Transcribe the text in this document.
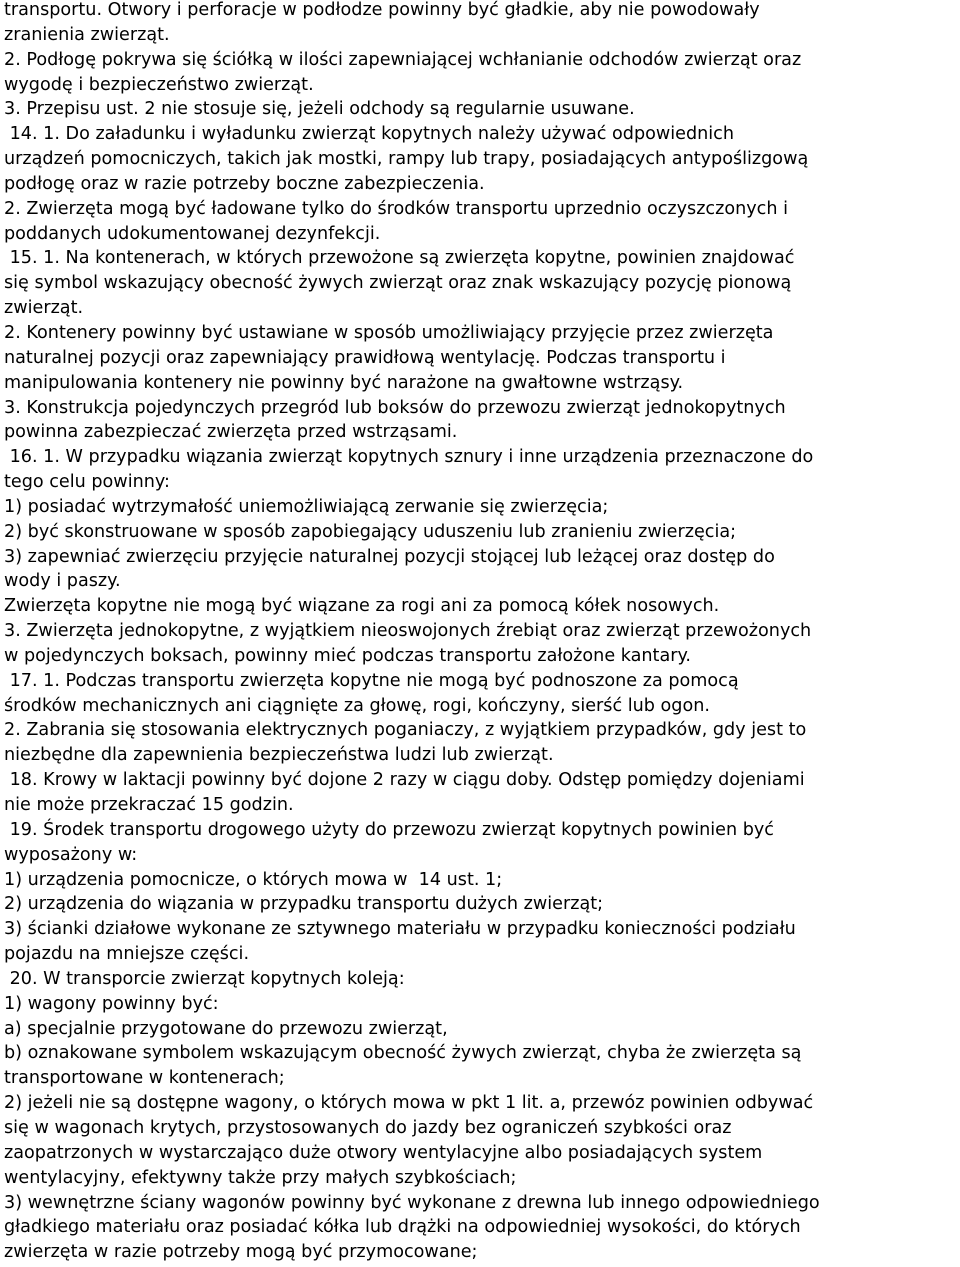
transportu. Otwory i perforacje w podłodze powinny być gładkie, aby nie powodowały
zranienia zwierząt.
2. Podłogę pokrywa się ściółką w ilości zapewniającej wchłanianie odchodów zwierząt oraz
wygodę i bezpieczeństwo zwierząt.
3. Przepisu ust. 2 nie stosuje się, jeżeli odchody są regularnie usuwane.
14. 1. Do załadunku i wyładunku zwierząt kopytnych należy używać odpowiednich
urządzeń pomocniczych, takich jak mostki, rampy lub trapy, posiadających antypoślizgową
podłogę oraz w razie potrzeby boczne zabezpieczenia.
2. Zwierzęta mogą być ładowane tylko do środków transportu uprzednio oczyszczonych i
poddanych udokumentowanej dezynfekcji.
15. 1. Na kontenerach, w których przewożone są zwierzęta kopytne, powinien znajdować
się symbol wskazujący obecność żywych zwierząt oraz znak wskazujący pozycję pionową
zwierząt.
2. Kontenery powinny być ustawiane w sposób umożliwiający przyjęcie przez zwierzęta
naturalnej pozycji oraz zapewniający prawidłową wentylację. Podczas transportu i
manipulowania kontenery nie powinny być narażone na gwałtowne wstrząsy.
3. Konstrukcja pojedynczych przegród lub boksów do przewozu zwierząt jednokopytnych
powinna zabezpieczać zwierzęta przed wstrząsami.
16. 1. W przypadku wiązania zwierząt kopytnych sznury i inne urządzenia przeznaczone do
tego celu powinny:
1) posiadać wytrzymałość uniemożliwiającą zerwanie się zwierzęcia;
2) być skonstruowane w sposób zapobiegający uduszeniu lub zranieniu zwierzęcia;
3) zapewniać zwierzęciu przyjęcie naturalnej pozycji stojącej lub leżącej oraz dostęp do
wody i paszy.
Zwierzęta kopytne nie mogą być wiązane za rogi ani za pomocą kółek nosowych.
3. Zwierzęta jednokopytne, z wyjątkiem nieoswojonych źrebiąt oraz zwierząt przewożonych
w pojedynczych boksach, powinny mieć podczas transportu założone kantary.
17. 1. Podczas transportu zwierzęta kopytne nie mogą być podnoszone za pomocą
środków mechanicznych ani ciągnięte za głowę, rogi, kończyny, sierść lub ogon.
2. Zabrania się stosowania elektrycznych poganiaczy, z wyjątkiem przypadków, gdy jest to
niezbędne dla zapewnienia bezpieczeństwa ludzi lub zwierząt.
18. Krowy w laktacji powinny być dojone 2 razy w ciągu doby. Odstęp pomiędzy dojeniami
nie może przekraczać 15 godzin.
19. Środek transportu drogowego użyty do przewozu zwierząt kopytnych powinien być
wyposażony w:
1) urządzenia pomocnicze, o których mowa w  14 ust. 1;
2) urządzenia do wiązania w przypadku transportu dużych zwierząt;
3) ścianki działowe wykonane ze sztywnego materiału w przypadku konieczności podziału
pojazdu na mniejsze części.
20. W transporcie zwierząt kopytnych koleją:
1) wagony powinny być:
a) specjalnie przygotowane do przewozu zwierząt,
b) oznakowane symbolem wskazującym obecność żywych zwierząt, chyba że zwierzęta są
transportowane w kontenerach;
2) jeżeli nie są dostępne wagony, o których mowa w pkt 1 lit. a, przewóz powinien odbywać
się w wagonach krytych, przystosowanych do jazdy bez ograniczeń szybkości oraz
zaopatrzonych w wystarczająco duże otwory wentylacyjne albo posiadających system
wentylacyjny, efektywny także przy małych szybkościach;
3) wewnętrzne ściany wagonów powinny być wykonane z drewna lub innego odpowiedniego
gładkiego materiału oraz posiadać kółka lub drążki na odpowiedniej wysokości, do których
zwierzęta w razie potrzeby mogą być przymocowane;
